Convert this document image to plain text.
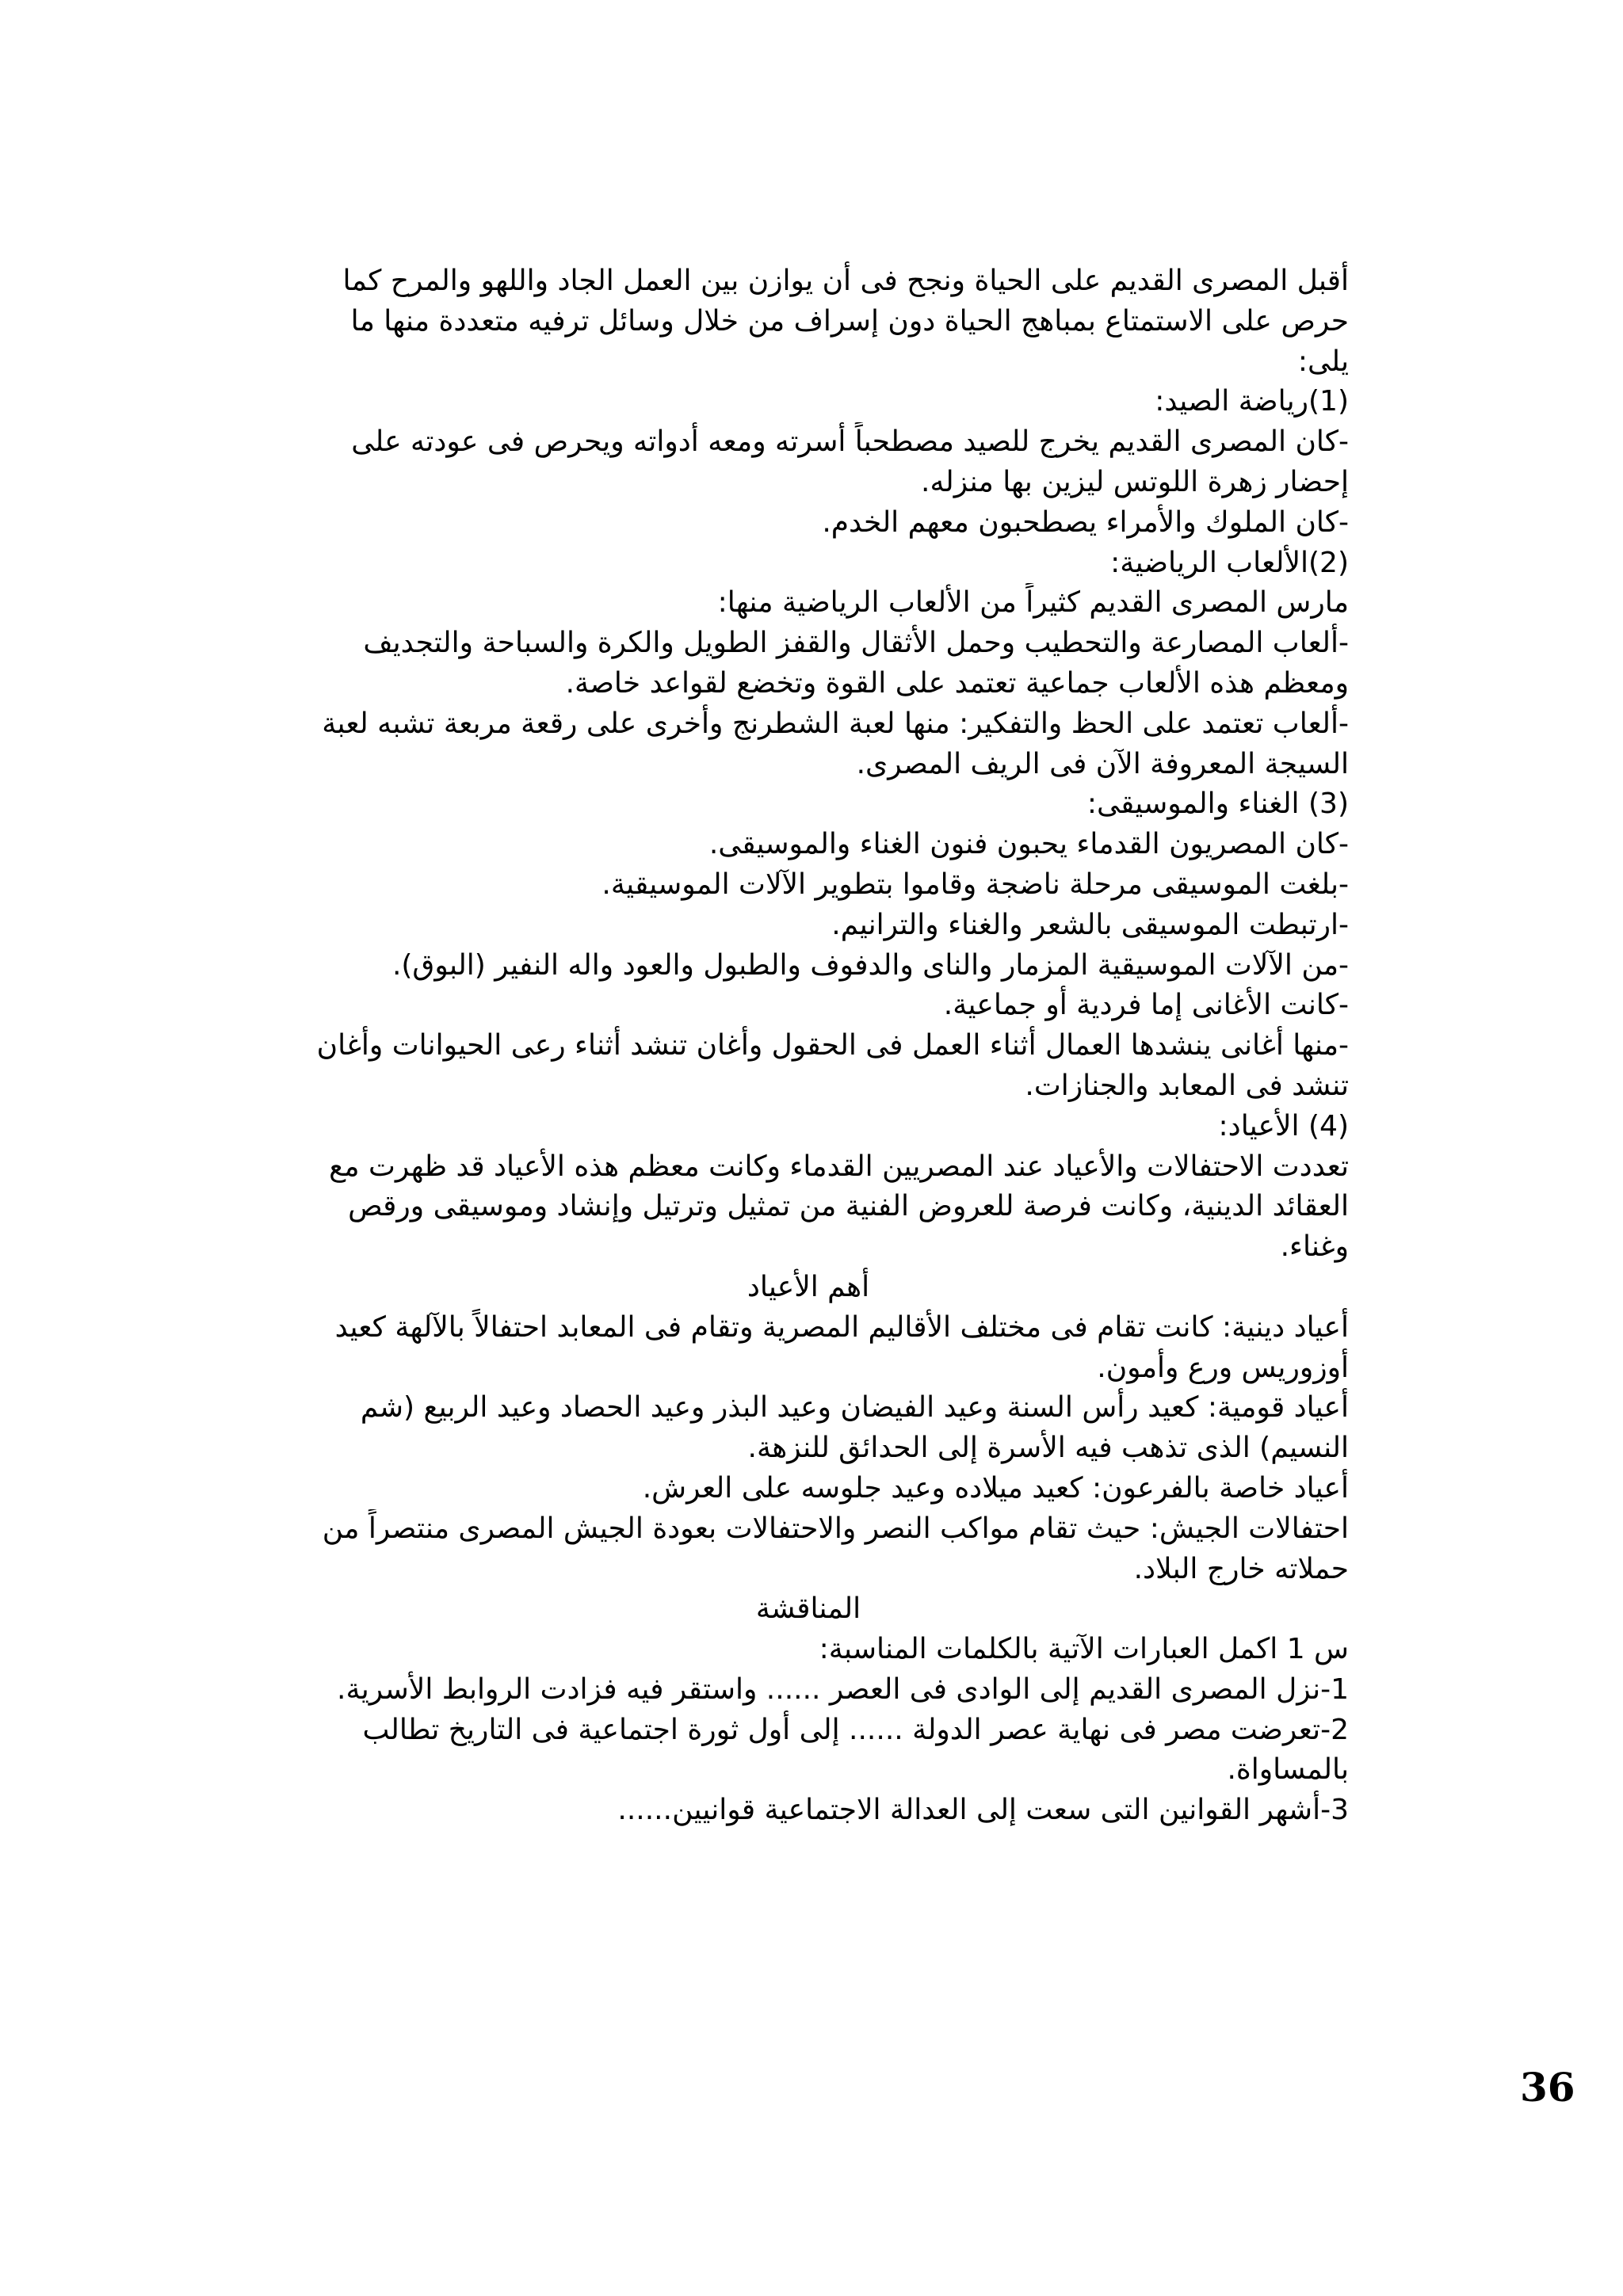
أقبل المصرى القديم على الحياة ونجح فى أن يوازن بين العمل الجاد واللهو والمرح كما
حرص على الاستمتاع بمباهج الحياة دون إسراف من خلال وسائل ترفيه متعددة منها ما
يلى:
(1)رياضة الصيد:
-كان المصرى القديم يخرج للصيد مصطحباً أسرته ومعه أدواته ويحرص فى عودته على
إحضار زهرة اللوتس ليزين بها منزله.
-كان الملوك والأمراء يصطحبون معهم الخدم.
(2)الألعاب الرياضية:
مارس المصرى القديم كثيراً من الألعاب الرياضية منها:
-ألعاب المصارعة والتحطيب وحمل الأثقال والقفز الطويل والكرة والسباحة والتجديف
ومعظم هذه الألعاب جماعية تعتمد على القوة وتخضع لقواعد خاصة.
-ألعاب تعتمد على الحظ والتفكير: منها لعبة الشطرنج وأخرى على رقعة مربعة تشبه لعبة
السيجة المعروفة الآن فى الريف المصرى.
(3) الغناء والموسيقى:
-كان المصريون القدماء يحبون فنون الغناء والموسيقى.
-بلغت الموسيقى مرحلة ناضجة وقاموا بتطوير الآلات الموسيقية.
-ارتبطت الموسيقى بالشعر والغناء والترانيم.
-من الآلات الموسيقية المزمار والناى والدفوف والطبول والعود واله النفير (البوق).
-كانت الأغانى إما فردية أو جماعية.
-منها أغانى ينشدها العمال أثناء العمل فى الحقول وأغان تنشد أثناء رعى الحيوانات وأغان
تنشد فى المعابد والجنازات.
(4) الأعياد:
تعددت الاحتفالات والأعياد عند المصريين القدماء وكانت معظم هذه الأعياد قد ظهرت مع
العقائد الدينية، وكانت فرصة للعروض الفنية من تمثيل وترتيل وإنشاد وموسيقى ورقص
وغناء.
أهم الأعياد
أعياد دينية: كانت تقام فى مختلف الأقاليم المصرية وتقام فى المعابد احتفالاً بالآلهة كعيد
أوزوريس ورع وأمون.
أعياد قومية: كعيد رأس السنة وعيد الفيضان وعيد البذر وعيد الحصاد وعيد الربيع (شم
النسيم) الذى تذهب فيه الأسرة إلى الحدائق للنزهة.
أعياد خاصة بالفرعون: كعيد ميلاده وعيد جلوسه على العرش.
احتفالات الجيش: حيث تقام مواكب النصر والاحتفالات بعودة الجيش المصرى منتصراً من
حملاته خارج البلاد.
المناقشة
س 1 اكمل العبارات الآتية بالكلمات المناسبة:
1-نزل المصرى القديم إلى الوادى فى العصر ...... واستقر فيه فزادت الروابط الأسرية.
2-تعرضت مصر فى نهاية عصر الدولة ...... إلى أول ثورة اجتماعية فى التاريخ تطالب
بالمساواة.
3-أشهر القوانين التى سعت إلى العدالة الاجتماعية قوانيين......
36
